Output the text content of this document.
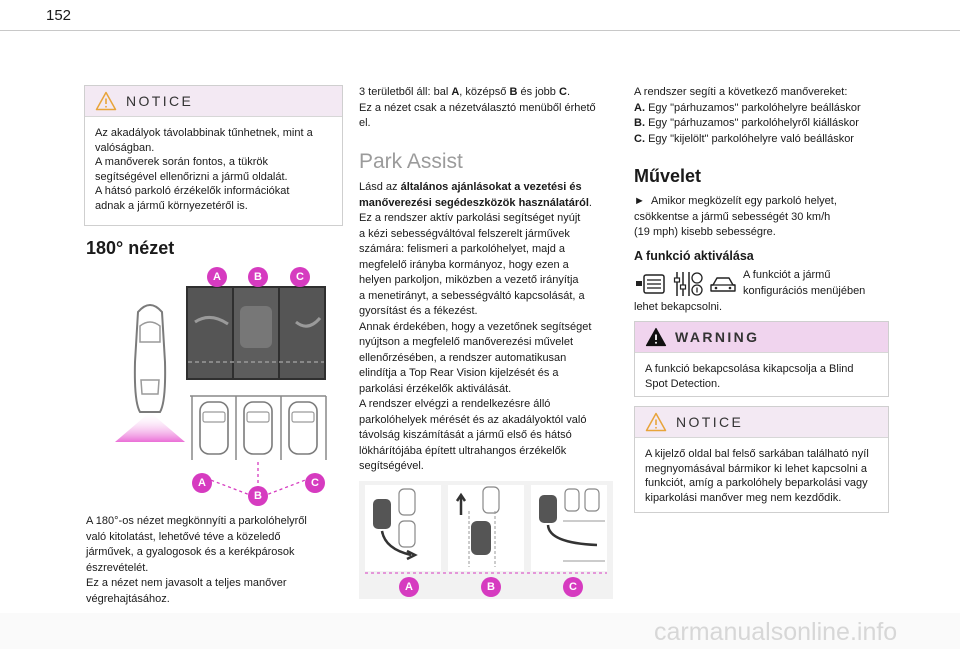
152
NOTICE
Az akadályok távolabbinak tűnhetnek, mint a
valóságban.
A manőverek során fontos, a tükrök
segítségével ellenőrizni a jármű oldalát.
A hátsó parkoló érzékelők információkat
adnak a jármű környezetéről is.
180° nézet
A	B	C
A
B
C
A 180°-os nézet megkönnyíti a parkolóhelyről
való kitolatást, lehetővé téve a közeledő
járművek, a gyalogosok és a kerékpárosok
észrevételét.
Ez a nézet nem javasolt a teljes manőver
végrehajtásához.
3 területből áll: bal A, középső B és jobb C.
Ez a nézet csak a nézetválasztó menüből érhető
el.
Park Assist
Lásd az általános ajánlásokat a vezetési és
manőverezési segédeszközök használatáról.
Ez a rendszer aktív parkolási segítséget nyújt
a kézi sebességváltóval felszerelt járművek
számára: felismeri a parkolóhelyet, majd a
megfelelő irányba kormányoz, hogy ezen a
helyen parkoljon, miközben a vezető irányítja
a menetirányt, a sebességváltó kapcsolását, a
gyorsítást és a fékezést.
Annak érdekében, hogy a vezetőnek segítséget
nyújtson a megfelelő manőverezési művelet
ellenőrzésében, a rendszer automatikusan
elindítja a Top Rear Vision kijelzését és a
parkolási érzékelők aktiválását.
A rendszer elvégzi a rendelkezésre álló
parkolóhelyek mérését és az akadályoktól való
távolság kiszámítását a jármű első és hátsó
lökhárítójába épített ultrahangos érzékelők
segítségével.
A	B	C
A rendszer segíti a következő manővereket:
A. Egy "párhuzamos" parkolóhelyre beálláskor
B. Egy "párhuzamos" parkolóhelyről kiálláskor
C. Egy "kijelölt" parkolóhelyre való beálláskor
Művelet
► Amikor megközelít egy parkoló helyet,
csökkentse a jármű sebességét 30 km/h
(19 mph) kisebb sebességre.
A funkció aktiválása
A funkciót a jármű
konfigurációs menüjében
lehet bekapcsolni.
WARNING
A funkció bekapcsolása kikapcsolja a Blind
Spot Detection.
NOTICE
A kijelző oldal bal felső sarkában található nyíl
megnyomásával bármikor ki lehet kapcsolni a
funkciót, amíg a parkolóhely beparkolási vagy
kiparkolási manőver meg nem kezdődik.
carmanualsonline.info
